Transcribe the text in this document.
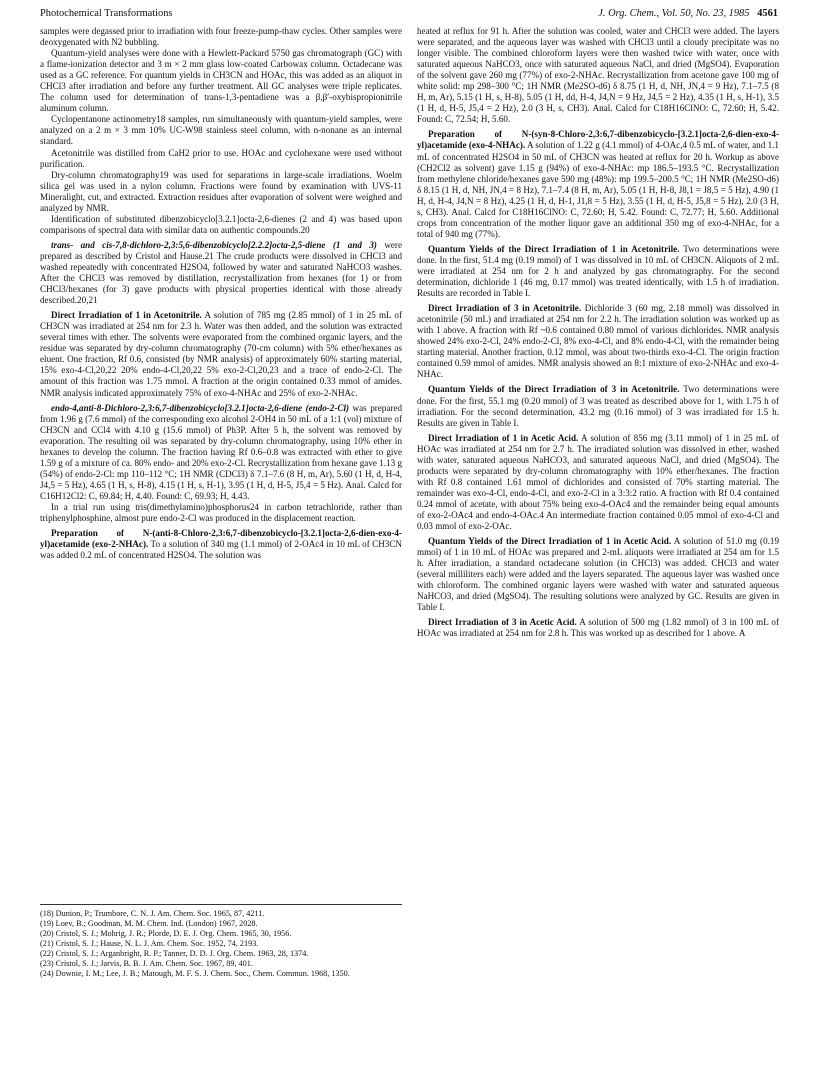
Photochemical Transformations	J. Org. Chem., Vol. 50, No. 23, 1985 4561

samples were degassed prior to irradiation with four freeze-pump-thaw cycles. Other samples were deoxygenated with N2 bubbling.

Quantum-yield analyses were done with a Hewlett-Packard 5750 gas chromatograph (GC) with a flame-ionization detector and 3 m × 2 mm glass low-coated Carbowax column. Octadecane was used as a GC reference. For quantum yields in CH3CN and HOAc, this was added as an aliquot in CHCl3 after irradiation and before any further treatment. All GC analyses were triple replicates. The column used for determination of trans-1,3-pentadiene was a β,β′-oxybispropionitrile aluminum column.

Cyclopentanone actinometry18 samples, run simultaneously with quantum-yield samples, were analyzed on a 2 m × 3 mm 10% UC-W98 stainless steel column, with n-nonane as an internal standard.

Acetonitrile was distilled from CaH2 prior to use. HOAc and cyclohexane were used without purification.

Dry-column chromatography19 was used for separations in large-scale irradiations. Woelm silica gel was used in a nylon column. Fractions were found by examination with UVS-11 Mineralight, cut, and extracted. Extraction residues after evaporation of solvent were weighed and analyzed by NMR.

Identification of substituted dibenzobicyclo[3.2.1]octa-2,6-dienes (2 and 4) was based upon comparisons of spectral data with similar data on authentic compounds.20

trans- and cis-7,8-dichloro-2,3:5,6-dibenzobicyclo[2.2.2]octa-2,5-diene (1 and 3) were prepared as described by Cristol and Hause.21 The crude products were dissolved in CHCl3 and washed repeatedly with concentrated H2SO4, followed by water and saturated NaHCO3 washes. After the CHCl3 was removed by distillation, recrystallization from hexanes (for 1) or from CHCl3/hexanes (for 3) gave products with physical properties identical with those already described.20,21

Direct Irradiation of 1 in Acetonitrile. A solution of 785 mg (2.85 mmol) of 1 in 25 mL of CH3CN was irradiated at 254 nm for 2.3 h. Water was then added, and the solution was extracted several times with ether. The solvents were evaporated from the combined organic layers, and the residue was separated by dry-column chromatography (70-cm column) with 5% ether/hexanes as eluent. One fraction, Rf 0.6, consisted (by NMR analysis) of approximately 60% starting material, 15% exo-4-Cl,20,22 20% endo-4-Cl,20,22 5% exo-2-Cl,20,23 and a trace of endo-2-Cl. The amount of this fraction was 1.75 mmol. A fraction at the origin contained 0.33 mmol of amides. NMR analysis indicated approximately 75% of exo-4-NHAc and 25% of exo-2-NHAc.

endo-4,anti-8-Dichloro-2,3:6,7-dibenzobicyclo[3.2.1]octa-2,6-diene (endo-2-Cl) was prepared from 1.96 g (7.6 mmol) of the corresponding exo alcohol 2-OH4 in 50 mL of a 1:1 (vol) mixture of CH3CN and CCl4 with 4.10 g (15.6 mmol) of Ph3P. After 5 h, the solvent was removed by evaporation. The resulting oil was separated by dry-column chromatography, using 10% ether in hexanes to develop the column. The fraction having Rf 0.6–0.8 was extracted with ether to give 1.59 g of a mixture of ca. 80% endo- and 20% exo-2-Cl. Recrystallization from hexane gave 1.13 g (54%) of endo-2-Cl: mp 110–112 °C; 1H NMR (CDCl3) δ 7.1–7.6 (8 H, m, Ar), 5.60 (1 H, d, H-4, J4,5 = 5 Hz), 4.65 (1 H, s, H-8), 4.15 (1 H, s, H-1), 3.95 (1 H, d, H-5, J5,4 = 5 Hz). Anal. Calcd for C16H12Cl2: C, 69.84; H, 4.40. Found: C, 69.93; H, 4.43.

In a trial run using tris(dimethylamino)phosphorus24 in carbon tetrachloride, rather than triphenylphosphine, almost pure endo-2-Cl was produced in the displacement reaction.

Preparation of N-(anti-8-Chloro-2,3:6,7-dibenzobicyclo-[3.2.1]octa-2,6-dien-exo-4-yl)acetamide (exo-2-NHAc). To a solution of 340 mg (1.1 mmol) of 2-OAc4 in 10 mL of CH3CN was added 0.2 mL of concentrated H2SO4. The solution was

(18) Dunion, P.; Trumbore, C. N. J. Am. Chem. Soc. 1965, 87, 4211.

(19) Loev, B.; Goodman, M. M. Chem. Ind. (London) 1967, 2028.

(20) Cristol, S. J.; Mohrig, J. R.; Plorde, D. E. J. Org. Chem. 1965, 30, 1956.

(21) Cristol, S. J.; Hause, N. L. J. Am. Chem. Soc. 1952, 74, 2193.

(22) Cristol, S. J.; Arganbright, R. P.; Tanner, D. D. J. Org. Chem. 1963, 28, 1374.

(23) Cristol, S. J.; Jarvis, B. B. J. Am. Chem. Soc. 1967, 89, 401.

(24) Downie, I. M.; Lee, J. B.; Matough, M. F. S. J. Chem. Soc., Chem. Commun. 1968, 1350.

heated at reflux for 91 h. After the solution was cooled, water and CHCl3 were added. The layers were separated, and the aqueous layer was washed with CHCl3 until a cloudy precipitate was no longer visible. The combined chloroform layers were then washed twice with water, once with saturated aqueous NaHCO3, once with saturated aqueous NaCl, and dried (MgSO4). Evaporation of the solvent gave 260 mg (77%) of exo-2-NHAc. Recrystallization from acetone gave 100 mg of white solid: mp 298–300 °C; 1H NMR (Me2SO-d6) δ 8.75 (1 H, d, NH, JN,4 = 9 Hz), 7.1–7.5 (8 H, m, Ar), 5.15 (1 H, s, H-8), 5.05 (1 H, dd, H-4, J4,N = 9 Hz, J4,5 = 2 Hz), 4.35 (1 H, s, H-1), 3.5 (1 H, d, H-5, J5,4 = 2 Hz), 2.0 (3 H, s, CH3). Anal. Calcd for C18H16ClNO: C, 72.60; H, 5.42. Found: C, 72.54; H, 5.60.

Preparation of N-(syn-8-Chloro-2,3:6,7-dibenzobicyclo-[3.2.1]octa-2,6-dien-exo-4-yl)acetamide (exo-4-NHAc). A solution of 1.22 g (4.1 mmol) of 4-OAc,4 0.5 mL of water, and 1.1 mL of concentrated H2SO4 in 50 mL of CH3CN was heated at reflux for 20 h. Workup as above (CH2Cl2 as solvent) gave 1.15 g (94%) of exo-4-NHAc: mp 186.5–193.5 °C. Recrystallization from methylene chloride/hexanes gave 590 mg (48%): mp 199.5–200.5 °C; 1H NMR (Me2SO-d6) δ 8.15 (1 H, d, NH, JN,4 = 8 Hz), 7.1–7.4 (8 H, m, Ar), 5.05 (1 H, H-8, J8,1 = J8,5 = 5 Hz), 4.90 (1 H, d, H-4, J4,N = 8 Hz), 4.25 (1 H, d, H-1, J1,8 = 5 Hz), 3.55 (1 H, d, H-5, J5,8 = 5 Hz), 2.0 (3 H, s, CH3). Anal. Calcd for C18H16ClNO: C, 72.60; H, 5.42. Found: C, 72.77; H, 5.60. Additional crops from concentration of the mother liquor gave an additional 350 mg of exo-4-NHAc, for a total of 940 mg (77%).

Quantum Yields of the Direct Irradiation of 1 in Acetonitrile. Two determinations were done. In the first, 51.4 mg (0.19 mmol) of 1 was dissolved in 10 mL of CH3CN. Aliquots of 2 mL were irradiated at 254 nm for 2 h and analyzed by gas chromatography. For the second determination, dichloride 1 (46 mg, 0.17 mmol) was treated identically, with 1.5 h of irradiation. Results are recorded in Table I.

Direct Irradiation of 3 in Acetonitrile. Dichloride 3 (60 mg, 2.18 mmol) was dissolved in acetonitrile (50 mL) and irradiated at 254 nm for 2.2 h. The irradiation solution was worked up as with 1 above. A fraction with Rf ~0.6 contained 0.80 mmol of various dichlorides. NMR analysis showed 24% exo-2-Cl, 24% endo-2-Cl, 8% exo-4-Cl, and 8% endo-4-Cl, with the remainder being starting material. Another fraction, 0.12 mmol, was about two-thirds exo-4-Cl. The origin fraction contained 0.59 mmol of amides. NMR analysis showed an 8:1 mixture of exo-2-NHAc and exo-4-NHAc.

Quantum Yields of the Direct Irradiation of 3 in Acetonitrile. Two determinations were done. For the first, 55.1 mg (0.20 mmol) of 3 was treated as described above for 1, with 1.75 h of irradiation. For the second determination, 43.2 mg (0.16 mmol) of 3 was irradiated for 1.5 h. Results are given in Table I.

Direct Irradiation of 1 in Acetic Acid. A solution of 856 mg (3.11 mmol) of 1 in 25 mL of HOAc was irradiated at 254 nm for 2.7 h. The irradiated solution was dissolved in ether, washed with water, saturated aqueous NaHCO3, and saturated aqueous NaCl, and dried (MgSO4). The products were separated by dry-column chromatography with 10% ether/hexanes. The fraction with Rf 0.8 contained 1.61 mmol of dichlorides and consisted of 70% starting material. The remainder was exo-4-Cl, endo-4-Cl, and exo-2-Cl in a 3:3:2 ratio. A fraction with Rf 0.4 contained 0.24 mmol of acetate, with about 75% being exo-4-OAc4 and the remainder being equal amounts of exo-2-OAc4 and endo-4-OAc.4 An intermediate fraction contained 0.05 mmol of exo-4-Cl and 0.03 mmol of exo-2-OAc.

Quantum Yields of the Direct Irradiation of 1 in Acetic Acid. A solution of 51.0 mg (0.19 mmol) of 1 in 10 mL of HOAc was prepared and 2-mL aliquots were irradiated at 254 nm for 1.5 h. After irradiation, a standard octadecane solution (in CHCl3) was added. CHCl3 and water (several milliliters each) were added and the layers separated. The aqueous layer was washed once with chloroform. The combined organic layers were washed with water and saturated aqueous NaHCO3, and dried (MgSO4). The resulting solutions were analyzed by GC. Results are given in Table I.

Direct Irradiation of 3 in Acetic Acid. A solution of 500 mg (1.82 mmol) of 3 in 100 mL of HOAc was irradiated at 254 nm for 2.8 h. This was worked up as described for 1 above. A
